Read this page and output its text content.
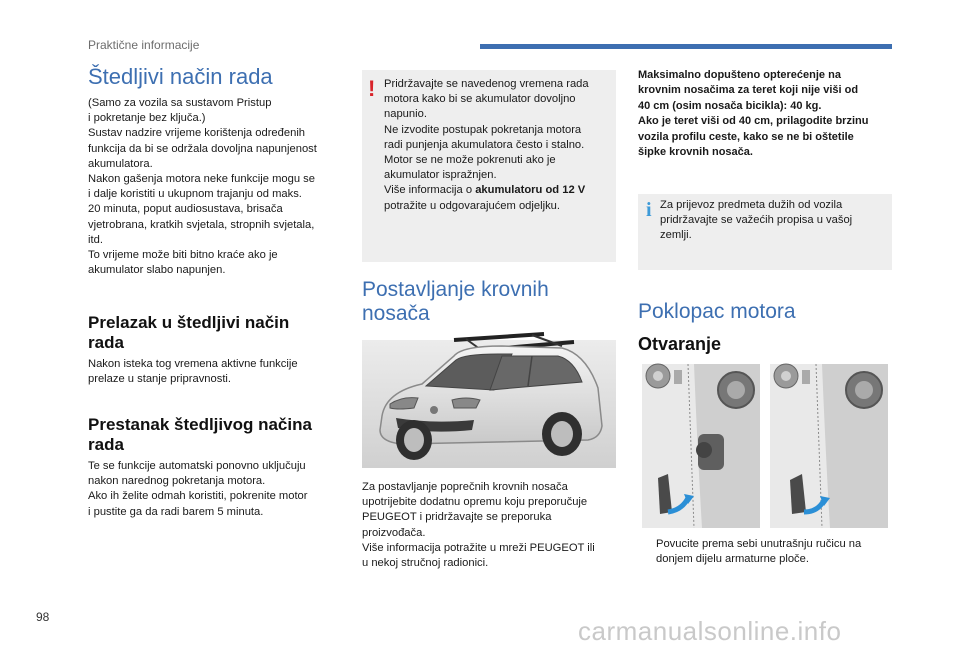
Praktične informacije
Štedljivi način rada
(Samo za vozila sa sustavom Pristup
i pokretanje bez ključa.)
Sustav nadzire vrijeme korištenja određenih
funkcija da bi se održala dovoljna napunjenost
akumulatora.
Nakon gašenja motora neke funkcije mogu se
i dalje koristiti u ukupnom trajanju od maks.
20 minuta, poput audiosustava, brisača
vjetrobrana, kratkih svjetala, stropnih svjetala,
itd.
To vrijeme može biti bitno kraće ako je
akumulator slabo napunjen.
Prelazak u štedljivi način
rada
Nakon isteka tog vremena aktivne funkcije
prelaze u stanje pripravnosti.
Prestanak štedljivog načina
rada
Te se funkcije automatski ponovno uključuju
nakon narednog pokretanja motora.
Ako ih želite odmah koristiti, pokrenite motor
i pustite ga da radi barem 5 minuta.
! Pridržavajte se navedenog vremena rada
motora kako bi se akumulator dovoljno
napunio.
Ne izvodite postupak pokretanja motora
radi punjenja akumulatora često i stalno.
Motor se ne može pokrenuti ako je
akumulator ispražnjen.
Više informacija o akumulatoru od 12 V
potražite u odgovarajućem odjeljku.
Postavljanje krovnih
nosača
Za postavljanje poprečnih krovnih nosača
upotrijebite dodatnu opremu koju preporučuje
PEUGEOT i pridržavajte se preporuka
proizvođača.
Više informacija potražite u mreži PEUGEOT ili
u nekoj stručnoj radionici.
Maksimalno dopušteno opterećenje na
krovnim nosačima za teret koji nije viši od
40 cm (osim nosača bicikla): 40 kg.
Ako je teret viši od 40 cm, prilagodite brzinu
vozila profilu ceste, kako se ne bi oštetile
šipke krovnih nosača.
i Za prijevoz predmeta dužih od vozila
pridržavajte se važećih propisa u vašoj
zemlji.
Poklopac motora
Otvaranje
Povucite prema sebi unutrašnju ručicu na
donjem dijelu armaturne ploče.
98	carmanualsonline.info
